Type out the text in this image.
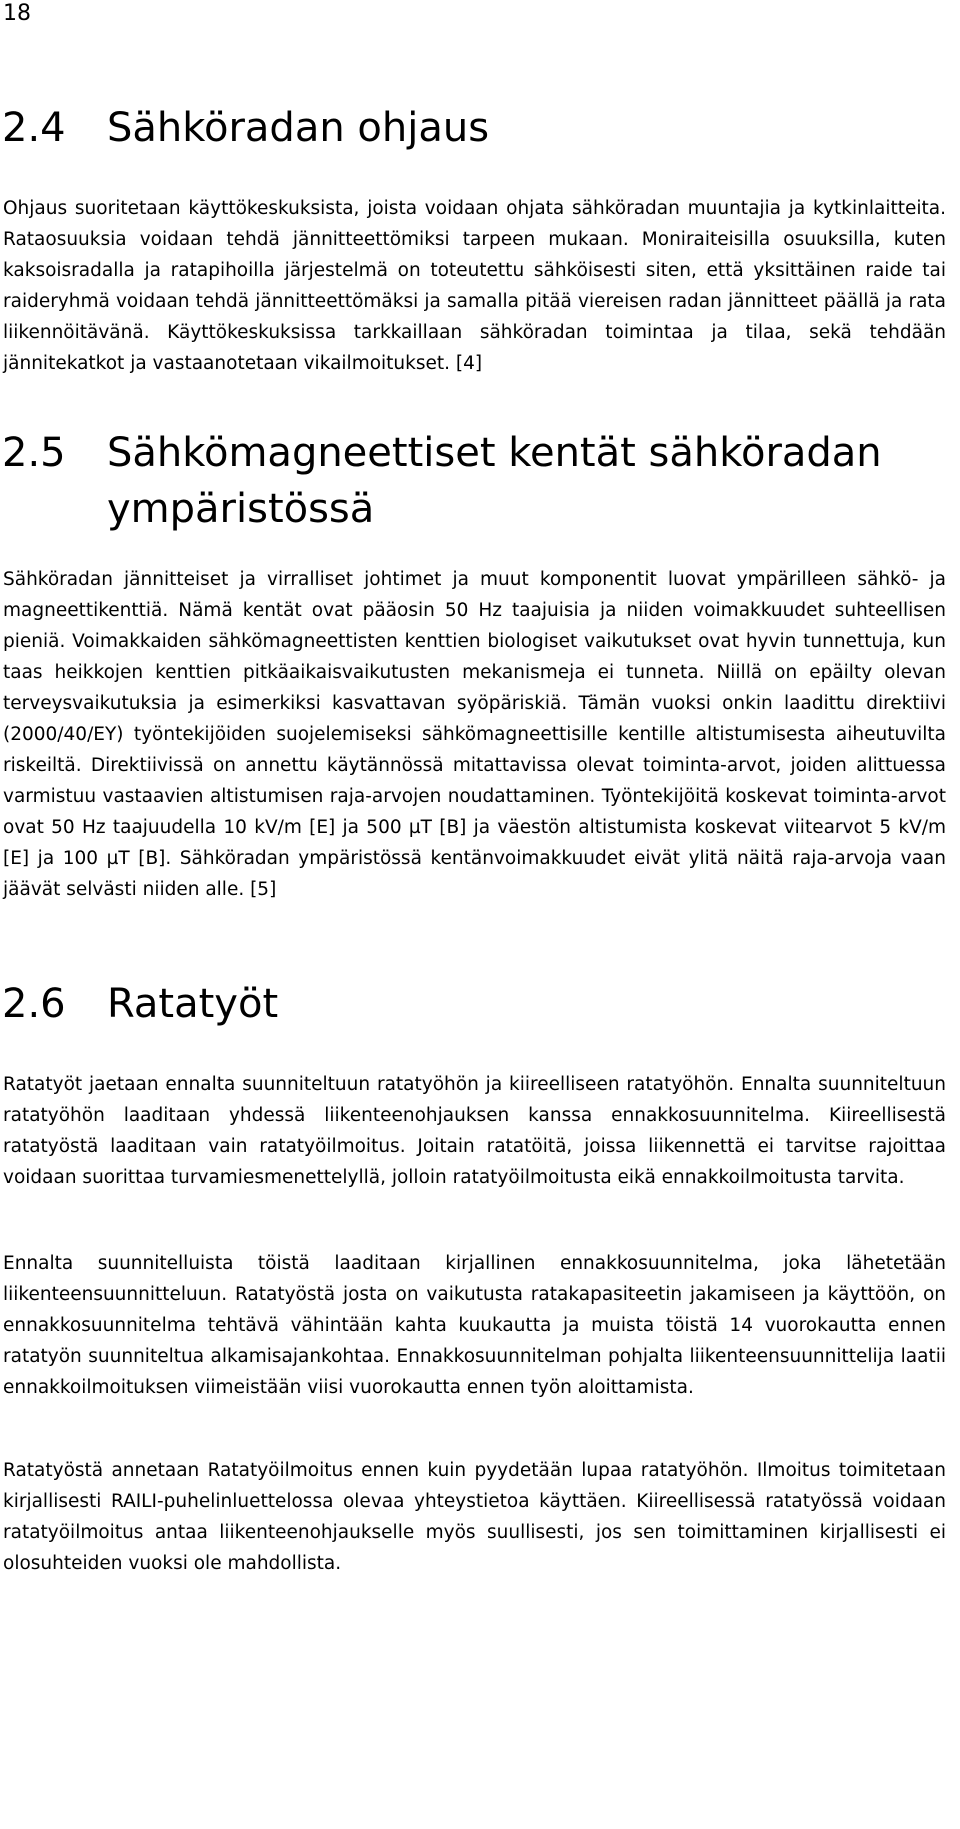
18
2.4 Sähköradan ohjaus

Ohjaus suoritetaan käyttökeskuksista, joista voidaan ohjata sähköradan muuntajia ja kytkinlaitteita. Rataosuuksia voidaan tehdä jännitteettömiksi tarpeen mukaan. Moniraiteisilla osuuksilla, kuten kaksoisradalla ja ratapihoilla järjestelmä on toteutettu sähköisesti siten, että yksittäinen raide tai raideryhmä voidaan tehdä jännitteettömäksi ja samalla pitää viereisen radan jännitteet päällä ja rata liikennöitävänä. Käyttökeskuksissa tarkkaillaan sähköradan toimintaa ja tilaa, sekä tehdään jännitekatkot ja vastaanotetaan vikailmoitukset. [4]

2.5 Sähkömagneettiset kentät sähköradan ympäristössä

Sähköradan jännitteiset ja virralliset johtimet ja muut komponentit luovat ympärilleen sähkö- ja magneettikenttiä. Nämä kentät ovat pääosin 50 Hz taajuisia ja niiden voimakkuudet suhteellisen pieniä. Voimakkaiden sähkömagneettisten kenttien biologiset vaikutukset ovat hyvin tunnettuja, kun taas heikkojen kenttien pitkäaikaisvaikutusten mekanismeja ei tunneta. Niillä on epäilty olevan terveysvaikutuksia ja esimerkiksi kasvattavan syöpäriskiä. Tämän vuoksi onkin laadittu direktiivi (2000/40/EY) työntekijöiden suojelemiseksi sähkömagneettisille kentille altistumisesta aiheutuvilta riskeiltä. Direktiivissä on annettu käytännössä mitattavissa olevat toiminta-arvot, joiden alittuessa varmistuu vastaavien altistumisen raja-arvojen noudattaminen. Työntekijöitä koskevat toiminta-arvot ovat 50 Hz taajuudella 10 kV/m [E] ja 500 µT [B] ja väestön altistumista koskevat viitearvot 5 kV/m [E] ja 100 µT [B]. Sähköradan ympäristössä kentänvoimakkuudet eivät ylitä näitä raja-arvoja vaan jäävät selvästi niiden alle. [5]

2.6 Ratatyöt

Ratatyöt jaetaan ennalta suunniteltuun ratatyöhön ja kiireelliseen ratatyöhön. Ennalta suunniteltuun ratatyöhön laaditaan yhdessä liikenteenohjauksen kanssa ennakkosuunnitelma. Kiireellisestä ratatyöstä laaditaan vain ratatyöilmoitus. Joitain ratatöitä, joissa liikennettä ei tarvitse rajoittaa voidaan suorittaa turvamiesmenettelyllä, jolloin ratatyöilmoitusta eikä ennakkoilmoitusta tarvita.

Ennalta suunnitelluista töistä laaditaan kirjallinen ennakkosuunnitelma, joka lähetetään liikenteensuunnitteluun. Ratatyöstä josta on vaikutusta ratakapasiteetin jakamiseen ja käyttöön, on ennakkosuunnitelma tehtävä vähintään kahta kuukautta ja muista töistä 14 vuorokautta ennen ratatyön suunniteltua alkamisajankohtaa. Ennakkosuunnitelman pohjalta liikenteensuunnittelija laatii ennakkoilmoituksen viimeistään viisi vuorokautta ennen työn aloittamista.

Ratatyöstä annetaan Ratatyöilmoitus ennen kuin pyydetään lupaa ratatyöhön. Ilmoitus toimitetaan kirjallisesti RAILI-puhelinluettelossa olevaa yhteystietoa käyttäen. Kiireellisessä ratatyössä voidaan ratatyöilmoitus antaa liikenteenohjaukselle myös suullisesti, jos sen toimittaminen kirjallisesti ei olosuhteiden vuoksi ole mahdollista.
